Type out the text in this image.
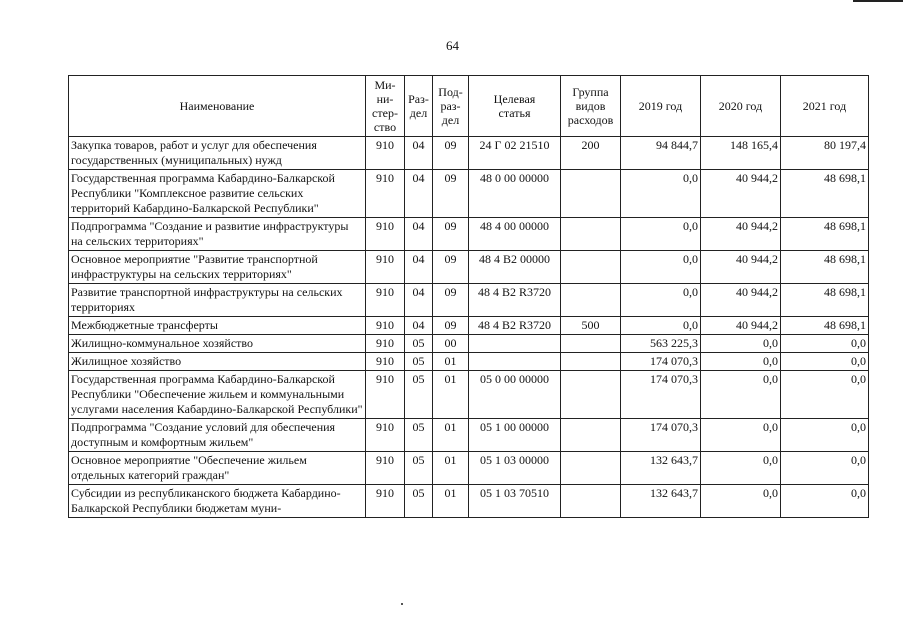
64
Наименование	Ми-
ни-
стер-
ство	Раз-
дел	Под-
раз-
дел	Целевая
статья	Группа
видов
расходов	2019 год	2020 год	2021 год
Закупка товаров, работ и услуг для обеспечения государственных (муниципальных) нужд	910	04	09	24 Г 02 21510	200	94 844,7	148 165,4	80 197,4
Государственная программа Кабардино-Балкарской Республики "Комплексное развитие сельских территорий Кабардино-Балкарской Республики"	910	04	09	48 0 00 00000		0,0	40 944,2	48 698,1
Подпрограмма "Создание и развитие инфраструктуры на сельских территориях"	910	04	09	48 4 00 00000		0,0	40 944,2	48 698,1
Основное мероприятие "Развитие транспортной инфраструктуры на сельских территориях"	910	04	09	48 4 В2 00000		0,0	40 944,2	48 698,1
Развитие транспортной инфраструктуры на сельских территориях	910	04	09	48 4 В2 R3720		0,0	40 944,2	48 698,1
Межбюджетные трансферты	910	04	09	48 4 В2 R3720	500	0,0	40 944,2	48 698,1
Жилищно-коммунальное хозяйство	910	05	00			563 225,3	0,0	0,0
Жилищное хозяйство	910	05	01			174 070,3	0,0	0,0
Государственная программа Кабардино-Балкарской Республики "Обеспечение жильем и коммунальными услугами населения Кабардино-Балкарской Республики"	910	05	01	05 0 00 00000		174 070,3	0,0	0,0
Подпрограмма "Создание условий для обеспечения доступным и комфортным жильем"	910	05	01	05 1 00 00000		174 070,3	0,0	0,0
Основное мероприятие "Обеспечение жильем отдельных категорий граждан"	910	05	01	05 1 03 00000		132 643,7	0,0	0,0
Субсидии из республиканского бюджета Кабардино-Балкарской Республики бюджетам муни-	910	05	01	05 1 03 70510		132 643,7	0,0	0,0
